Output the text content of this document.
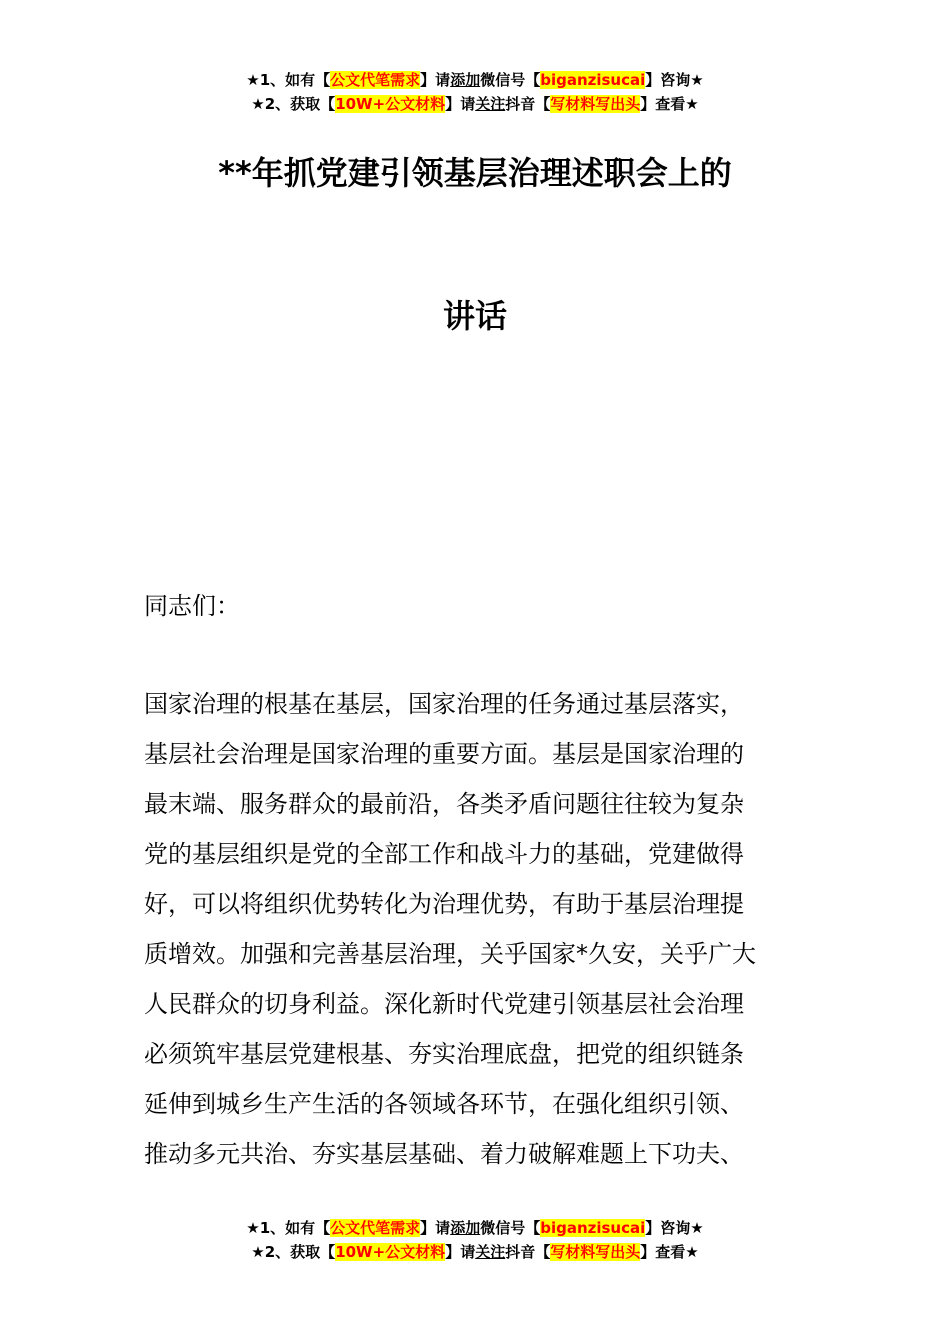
★1、如有【公文代笔需求】请添加微信号【biganzisucai】咨询★
★2、获取【10W+公文材料】请关注抖音【写材料写出头】查看★
**年抓党建引领基层治理述职会上的
讲话
同志们：
国家治理的根基在基层，国家治理的任务通过基层落实，
基层社会治理是国家治理的重要方面。基层是国家治理的
最末端、服务群众的最前沿，各类矛盾问题往往较为复杂
党的基层组织是党的全部工作和战斗力的基础，党建做得
好，可以将组织优势转化为治理优势，有助于基层治理提
质增效。加强和完善基层治理，关乎国家*久安，关乎广大
人民群众的切身利益。深化新时代党建引领基层社会治理
必须筑牢基层党建根基、夯实治理底盘，把党的组织链条
延伸到城乡生产生活的各领域各环节，在强化组织引领、
推动多元共治、夯实基层基础、着力破解难题上下功夫、
★1、如有【公文代笔需求】请添加微信号【biganzisucai】咨询★
★2、获取【10W+公文材料】请关注抖音【写材料写出头】查看★
